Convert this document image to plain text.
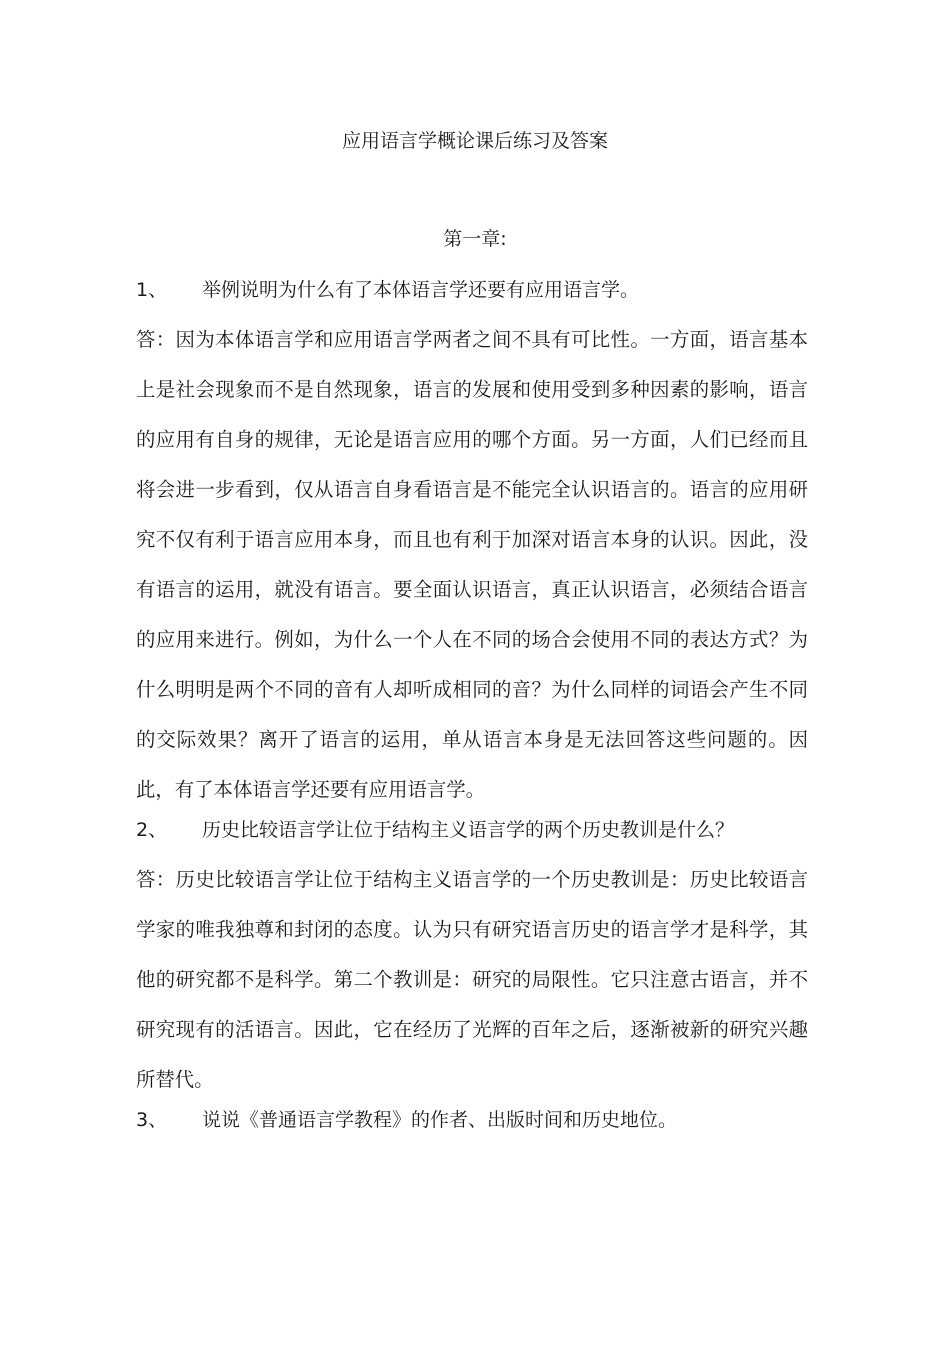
应用语言学概论课后练习及答案
第一章:
1、	举例说明为什么有了本体语言学还要有应用语言学。

答：因为本体语言学和应用语言学两者之间不具有可比性。一方面，语言基本上是社会现象而不是自然现象，语言的发展和使用受到多种因素的影响，语言的应用有自身的规律，无论是语言应用的哪个方面。另一方面，人们已经而且将会进一步看到，仅从语言自身看语言是不能完全认识语言的。语言的应用研究不仅有利于语言应用本身，而且也有利于加深对语言本身的认识。因此，没有语言的运用，就没有语言。要全面认识语言，真正认识语言，必须结合语言的应用来进行。例如，为什么一个人在不同的场合会使用不同的表达方式？为什么明明是两个不同的音有人却听成相同的音？为什么同样的词语会产生不同的交际效果？离开了语言的运用，单从语言本身是无法回答这些问题的。因此，有了本体语言学还要有应用语言学。

2、	历史比较语言学让位于结构主义语言学的两个历史教训是什么？

答：历史比较语言学让位于结构主义语言学的一个历史教训是：历史比较语言学家的唯我独尊和封闭的态度。认为只有研究语言历史的语言学才是科学，其他的研究都不是科学。第二个教训是：研究的局限性。它只注意古语言，并不研究现有的活语言。因此，它在经历了光辉的百年之后，逐渐被新的研究兴趣所替代。

3、	说说《普通语言学教程》的作者、出版时间和历史地位。
